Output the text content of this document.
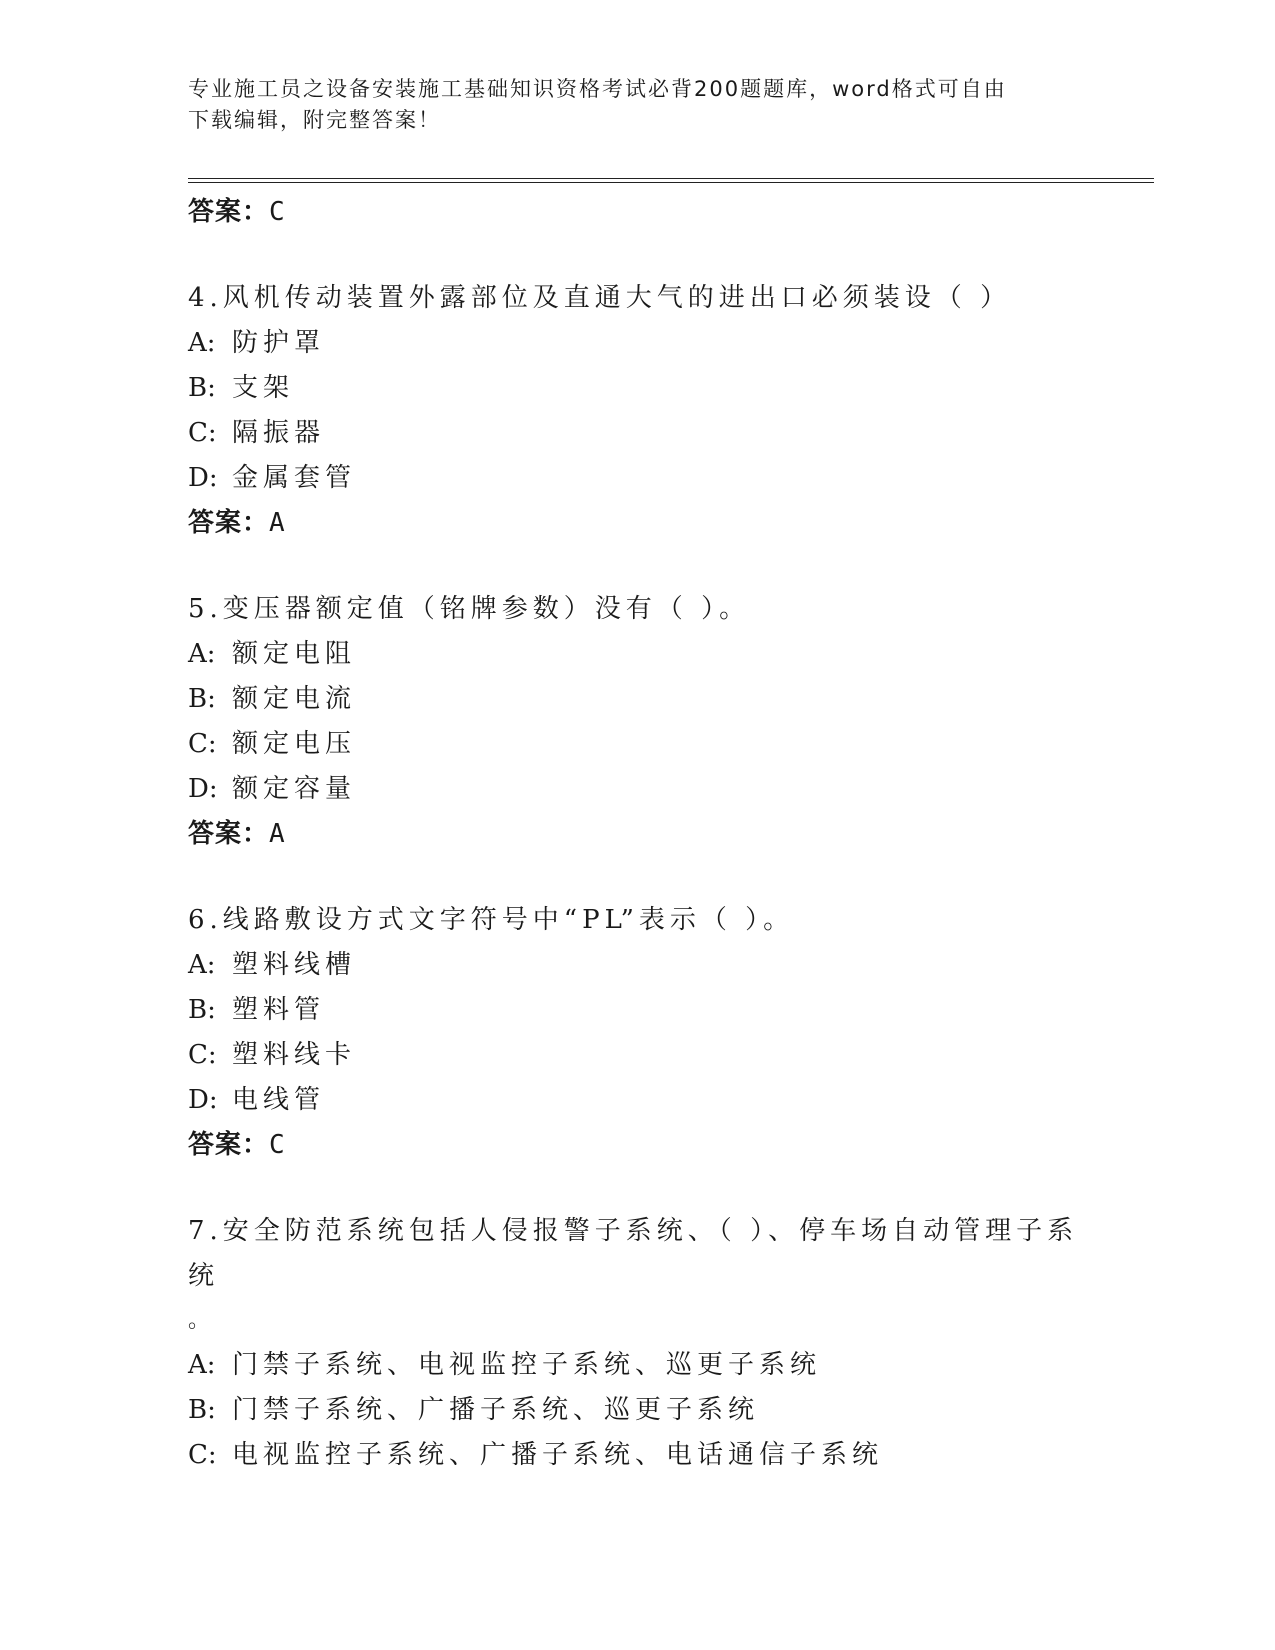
专业施工员之设备安装施工基础知识资格考试必背200题题库，word格式可自由
下载编辑，附完整答案！
答案：C
4.风机传动装置外露部位及直通大气的进出口必须装设（ ）
A: 防护罩
B: 支架
C: 隔振器
D: 金属套管
答案：A
5.变压器额定值（铭牌参数）没有（ ）。
A: 额定电阻
B: 额定电流
C: 额定电压
D: 额定容量
答案：A
6.线路敷设方式文字符号中“PL”表示（ ）。
A: 塑料线槽
B: 塑料管
C: 塑料线卡
D: 电线管
答案：C
7.安全防范系统包括人侵报警子系统、（ ）、停车场自动管理子系统
。
A: 门禁子系统、电视监控子系统、巡更子系统
B: 门禁子系统、广播子系统、巡更子系统
C: 电视监控子系统、广播子系统、电话通信子系统
